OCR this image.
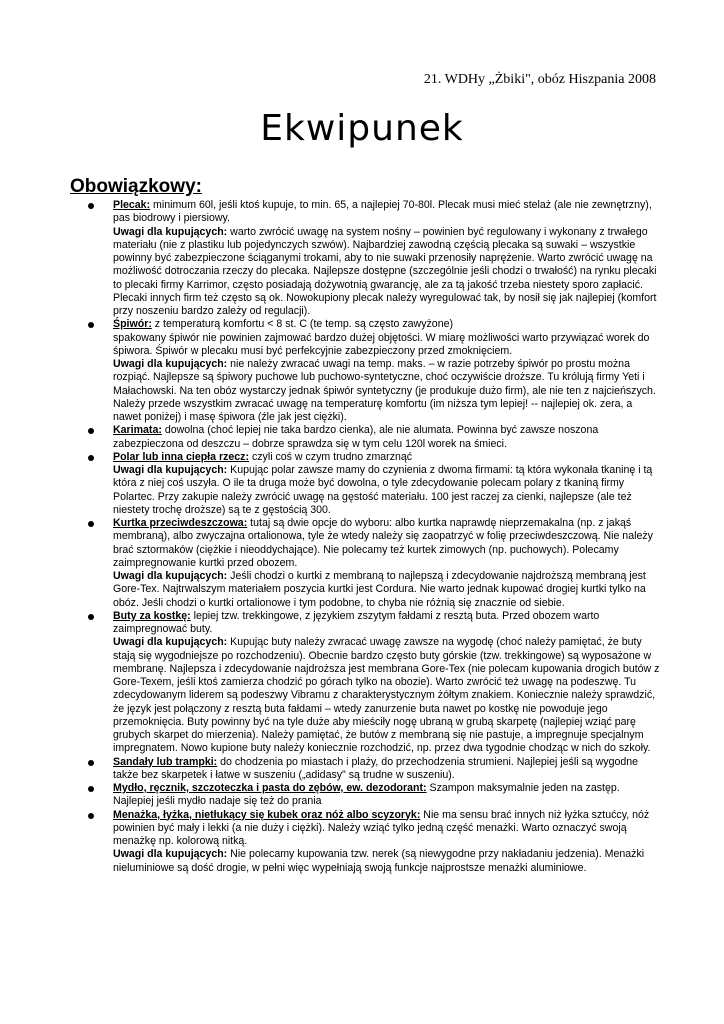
21. WDHy „Żbiki", obóz Hiszpania 2008
Ekwipunek
Obowiązkowy:

Plecak: minimum 60l, jeśli ktoś kupuje, to min. 65, a najlepiej 70-80l. Plecak musi mieć stelaż (ale nie zewnętrzny), pas biodrowy i piersiowy.

Uwagi dla kupujących: warto zwrócić uwagę na system nośny – powinien być regulowany i wykonany z trwałego materiału (nie z plastiku lub pojedynczych szwów). Najbardziej zawodną częścią plecaka są suwaki – wszystkie powinny być zabezpieczone ściąganymi trokami, aby to nie suwaki przenosiły naprężenie. Warto zwrócić uwagę na możliwość dotroczania rzeczy do plecaka. Najlepsze dostępne (szczególnie jeśli chodzi o trwałość) na rynku plecaki to plecaki firmy Karrimor, często posiadają dożywotnią gwarancję, ale za tą jakość trzeba niestety sporo zapłacić. Plecaki innych firm też często są ok. Nowokupiony plecak należy wyregulować tak, by nosił się jak najlepiej (komfort przy noszeniu bardzo zależy od regulacji).

Śpiwór: z temperaturą komfortu < 8 st. C (te temp. są często zawyżone)

spakowany śpiwór nie powinien zajmować bardzo dużej objętości. W miarę możliwości warto przywiązać worek do śpiwora. Śpiwór w plecaku musi być perfekcyjnie zabezpieczony przed zmoknięciem.

Uwagi dla kupujących: nie należy zwracać uwagi na temp. maks. – w razie potrzeby śpiwór po prostu można rozpiąć. Najlepsze są śpiwory puchowe lub puchowo-syntetyczne, choć oczywiście droższe. Tu królują firmy Yeti i Małachowski. Na ten obóz wystarczy jednak śpiwór syntetyczny (je produkuje dużo firm), ale nie ten z najcieńszych. Należy przede wszystkim zwracać uwagę na temperaturę komfortu (im niższa tym lepiej! -- najlepiej ok. zera, a nawet poniżej) i masę śpiwora (źle jak jest ciężki).

Karimata: dowolna (choć lepiej nie taka bardzo cienka), ale nie alumata. Powinna być zawsze noszona zabezpieczona od deszczu – dobrze sprawdza się w tym celu 120l worek na śmieci.

Polar lub inna ciepła rzecz: czyli coś w czym trudno zmarznąć

Uwagi dla kupujących: Kupując polar zawsze mamy do czynienia z dwoma firmami: tą która wykonała tkaninę i tą która z niej coś uszyła. O ile ta druga może być dowolna, o tyle zdecydowanie polecam polary z tkaniną firmy Polartec. Przy zakupie należy zwrócić uwagę na gęstość materiału. 100 jest raczej za cienki, najlepsze (ale też niestety trochę droższe) są te z gęstością 300.

Kurtka przeciwdeszczowa: tutaj są dwie opcje do wyboru: albo kurtka naprawdę nieprzemakalna (np. z jakąś membraną), albo zwyczajna ortalionowa, tyle że wtedy należy się zaopatrzyć w folię przeciwdeszczową. Nie należy brać sztormaków (ciężkie i nieoddychające). Nie polecamy też kurtek zimowych (np. puchowych). Polecamy zaimpregnowanie kurtki przed obozem.

Uwagi dla kupujących: Jeśli chodzi o kurtki z membraną to najlepszą i zdecydowanie najdroższą membraną jest Gore-Tex. Najtrwalszym materiałem poszycia kurtki jest Cordura. Nie warto jednak kupować drogiej kurtki tylko na obóz. Jeśli chodzi o kurtki ortalionowe i tym podobne, to chyba nie różnią się znacznie od siebie.

Buty za kostkę: lepiej tzw. trekkingowe, z językiem zszytym fałdami z resztą buta. Przed obozem warto zaimpregnować buty.

Uwagi dla kupujących: Kupując buty należy zwracać uwagę zawsze na wygodę (choć należy pamiętać, że buty stają się wygodniejsze po rozchodzeniu). Obecnie bardzo często buty górskie (tzw. trekkingowe) są wyposażone w membranę. Najlepsza i zdecydowanie najdroższa jest membrana Gore-Tex (nie polecam kupowania drogich butów z Gore-Texem, jeśli ktoś zamierza chodzić po górach tylko na obozie). Warto zwrócić też uwagę na podeszwę. Tu zdecydowanym liderem są podeszwy Vibramu z charakterystycznym żółtym znakiem. Koniecznie należy sprawdzić, że język jest połączony z resztą buta fałdami – wtedy zanurzenie buta nawet po kostkę nie powoduje jego przemoknięcia. Buty powinny być na tyle duże aby mieściły nogę ubraną w grubą skarpetę (najlepiej wziąć parę grubych skarpet do mierzenia). Należy pamiętać, że butów z membraną się nie pastuje, a impregnuje specjalnym impregnatem. Nowo kupione buty należy koniecznie rozchodzić, np. przez dwa tygodnie chodząc w nich do szkoły.

Sandały lub trampki: do chodzenia po miastach i plaży, do przechodzenia strumieni. Najlepiej jeśli są wygodne także bez skarpetek i łatwe w suszeniu („adidasy" są trudne w suszeniu).

Mydło, ręcznik, szczoteczka i pasta do zębów, ew. dezodorant: Szampon maksymalnie jeden na zastęp. Najlepiej jeśli mydło nadaje się też do prania

Menażka, łyżka, nietłukący się kubek oraz nóż albo scyzoryk: Nie ma sensu brać innych niż łyżka sztućcy, nóż powinien być mały i lekki (a nie duży i ciężki). Należy wziąć tylko jedną część menażki. Warto oznaczyć swoją menażkę np. kolorową nitką.

Uwagi dla kupujących: Nie polecamy kupowania tzw. nerek (są niewygodne przy nakładaniu jedzenia). Menażki nieluminiowe są dość drogie, w pełni więc wypełniają swoją funkcje najprostsze menażki aluminiowe.
